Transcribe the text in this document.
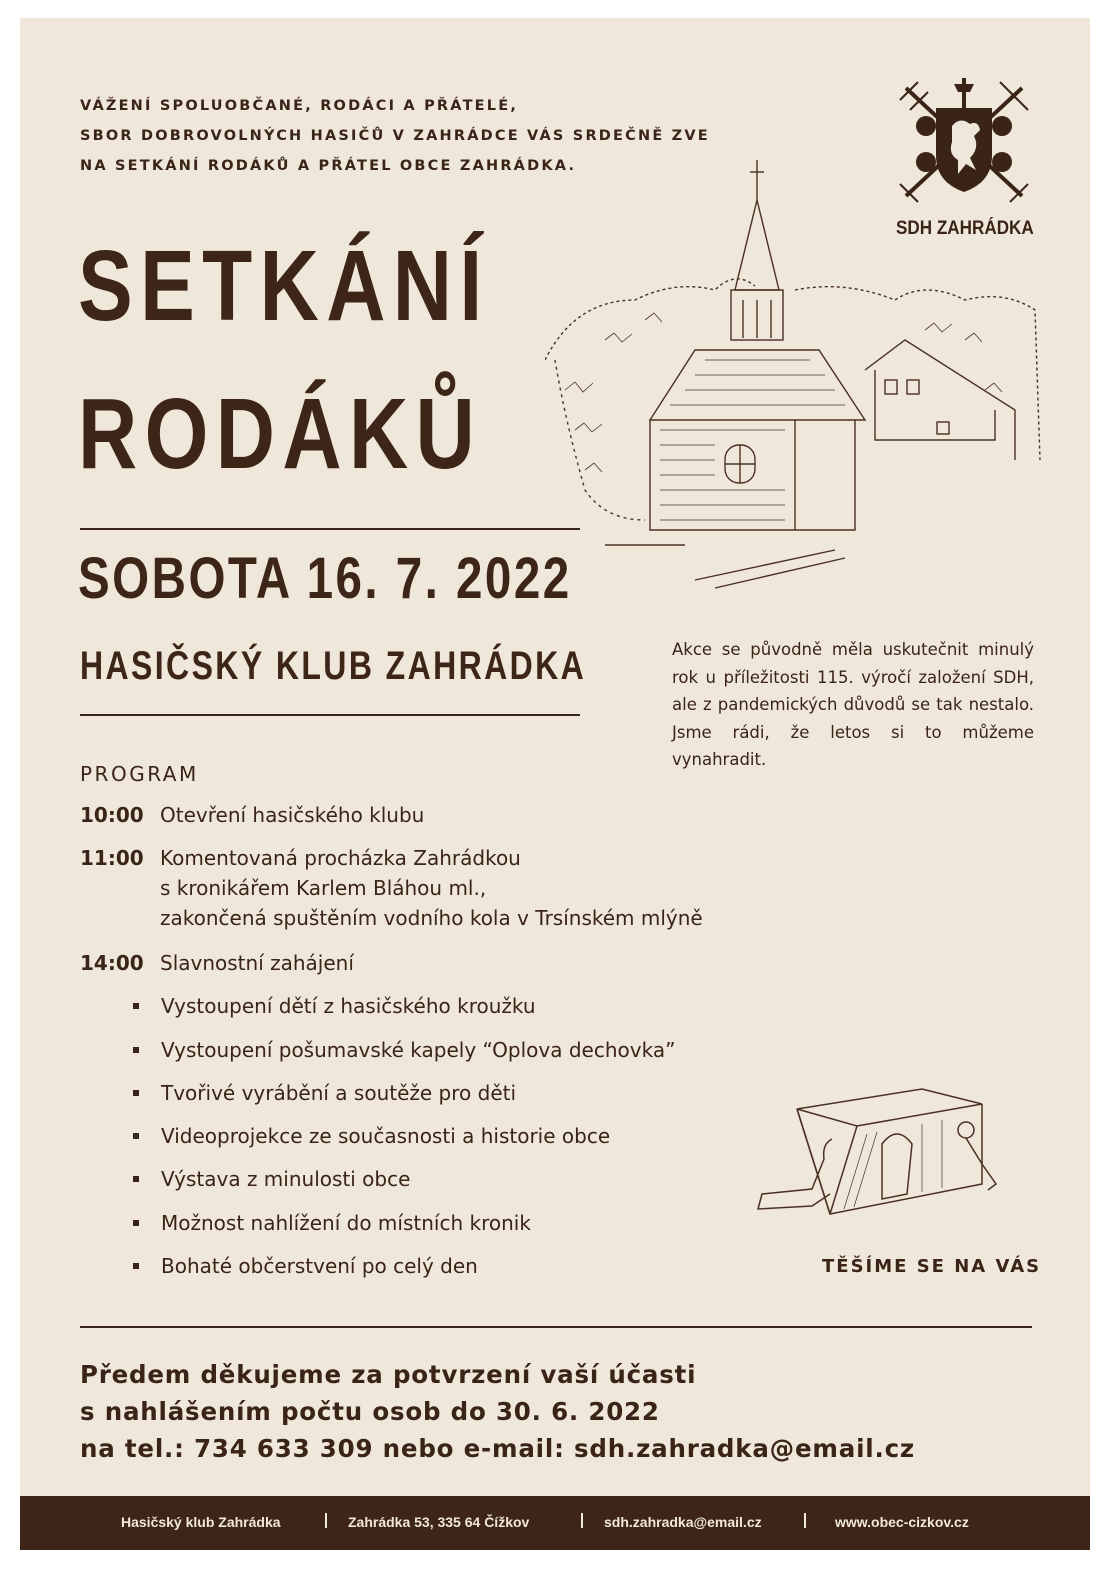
VÁŽENÍ SPOLUOBČANÉ, RODÁCI A PŘÁTELÉ,
SBOR DOBROVOLNÝCH HASIČŮ V ZAHRÁDCE VÁS SRDEČNĚ ZVE
NA SETKÁNÍ RODÁKŮ A PŘÁTEL OBCE ZAHRÁDKA.
SDH ZAHRÁDKA
SETKÁNÍ
RODÁKŮ
SOBOTA 16. 7. 2022
HASIČSKÝ KLUB ZAHRÁDKA	Akce se původně měla uskutečnit minulý rok u příležitosti 115. výročí založení SDH, ale z pandemických důvodů se tak nestalo. Jsme rádi, že letos si to můžeme vynahradit.
PROGRAM
10:00 Otevření hasičského klubu
11:00 Komentovaná procházka Zahrádkou
s kronikářem Karlem Bláhou ml.,
zakončená spuštěním vodního kola v Trsínském mlýně
14:00 Slavnostní zahájení
Vystoupení dětí z hasičského kroužku
Vystoupení pošumavské kapely “Oplova dechovka”
Tvořivé vyrábění a soutěže pro děti
Videoprojekce ze současnosti a historie obce
Výstava z minulosti obce
Možnost nahlížení do místních kronik
Bohaté občerstvení po celý den	TĚŠÍME SE NA VÁS
Předem děkujeme za potvrzení vaší účasti
s nahlášením počtu osob do 30. 6. 2022
na tel.: 734 633 309 nebo e-mail: sdh.zahradka@email.cz
Hasičský klub Zahrádka	Zahrádka 53, 335 64 Čížkov	sdh.zahradka@email.cz	www.obec-cizkov.cz
